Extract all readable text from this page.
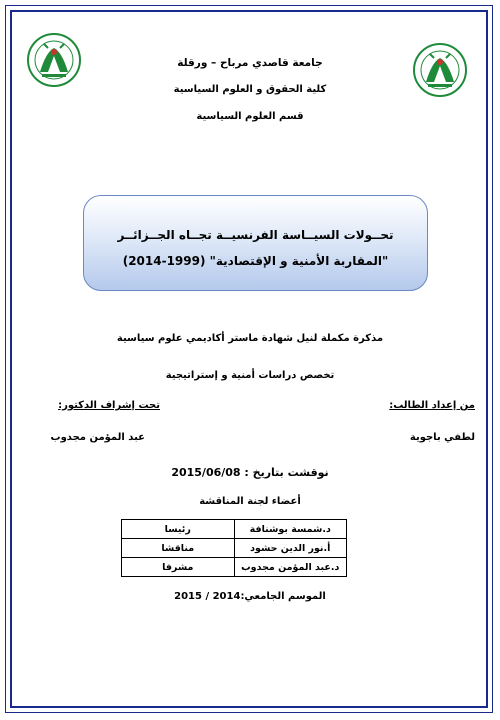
جامعة قاصدي مرباح – ورقلة
كلية الحقوق و العلوم السياسية
قسم العلوم السياسية
تحــولات السيــاسة الفرنسيــة تجــاه الجــزائــر
"المقاربة الأمنية و الإقتصادية" (1999-2014)
مذكرة مكملة لنيل شهادة ماستر أكاديمي علوم سياسية
تخصص دراسات أمنية و إستراتيجية
من إعداد الطالب:
تحت إشراف الدكتور:
لطفي باجوية
عبد المؤمن مجدوب
نوقشت بتاريخ : 2015/06/08
أعضاء لجنة المناقشة
د.شمسة بوشنافة	رئيسا
أ.نور الدين حشود	مناقشا
د.عبد المؤمن مجدوب	مشرفا
الموسم الجامعي:2014 / 2015
